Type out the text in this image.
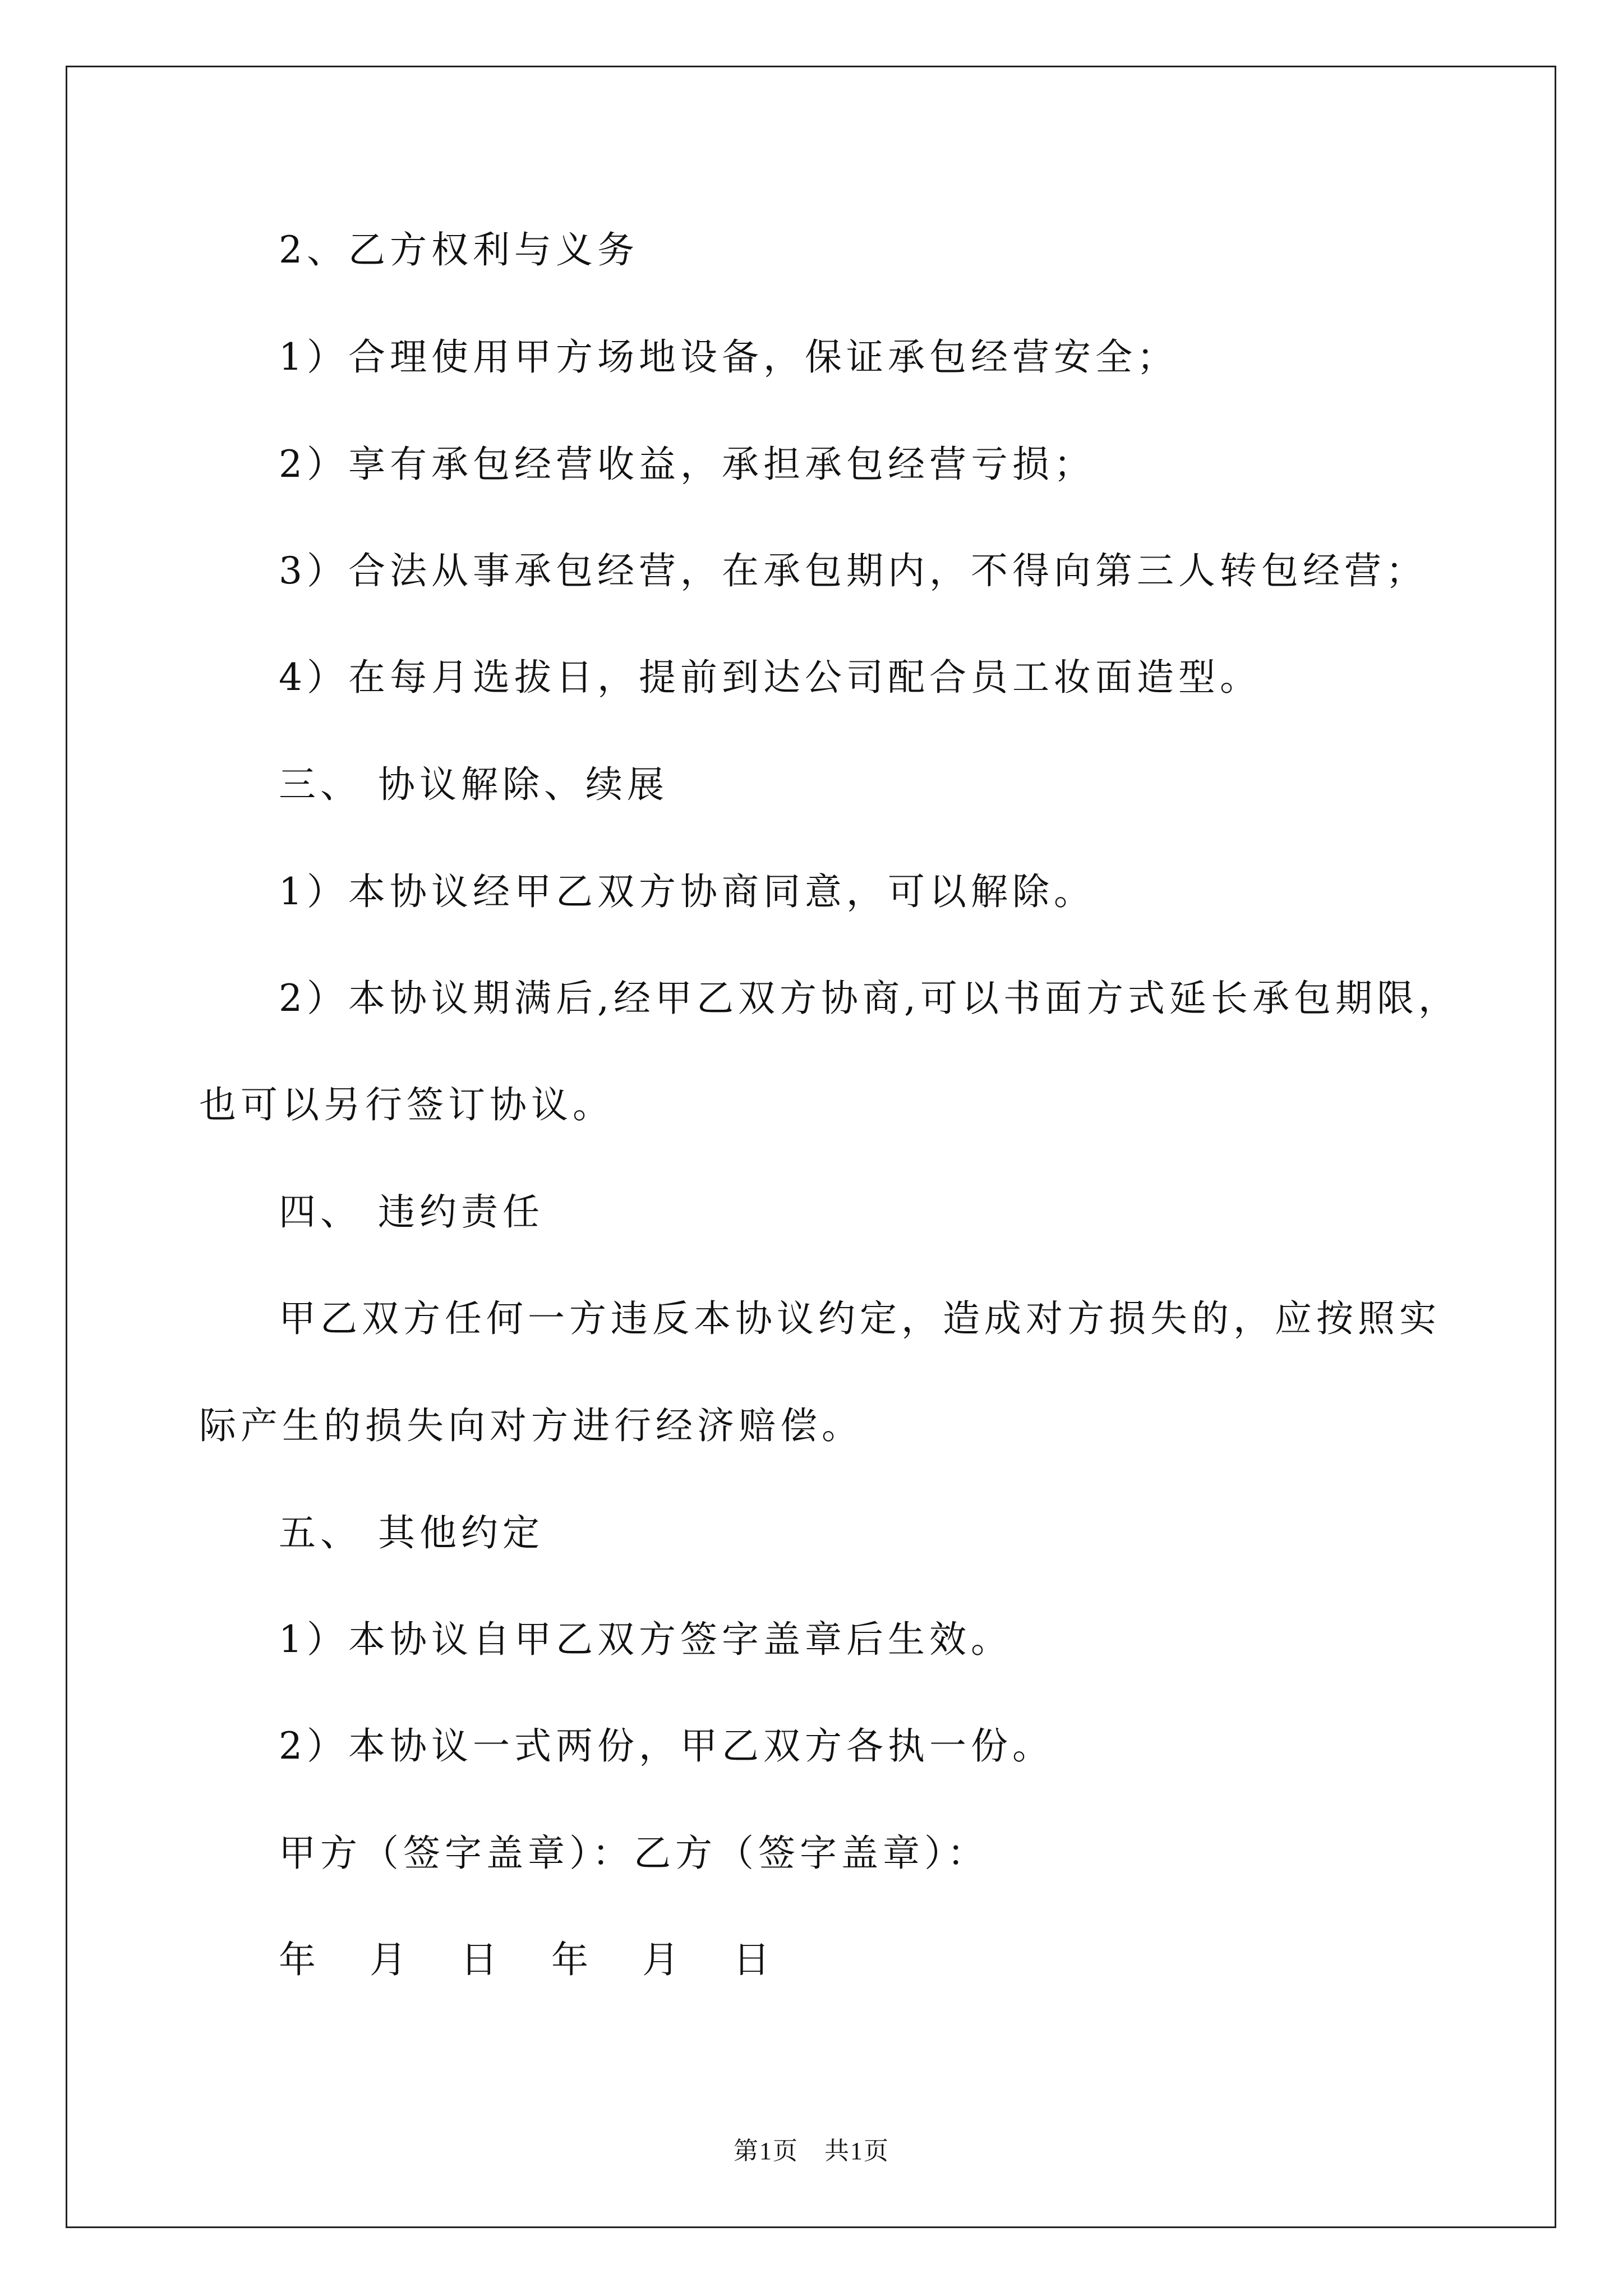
2、乙方权利与义务
1）合理使用甲方场地设备，保证承包经营安全；
2）享有承包经营收益，承担承包经营亏损；
3）合法从事承包经营，在承包期内，不得向第三人转包经营；
4）在每月选拔日，提前到达公司配合员工妆面造型。
三、 协议解除、续展
1）本协议经甲乙双方协商同意，可以解除。
2）本协议期满后,经甲乙双方协商,可以书面方式延长承包期限，
也可以另行签订协议。
四、 违约责任
甲乙双方任何一方违反本协议约定，造成对方损失的，应按照实
际产生的损失向对方进行经济赔偿。
五、 其他约定
1）本协议自甲乙双方签字盖章后生效。
2）本协议一式两份，甲乙双方各执一份。
甲方（签字盖章）：乙方（签字盖章）：
年 月 日 年 月 日
第1页　共1页
